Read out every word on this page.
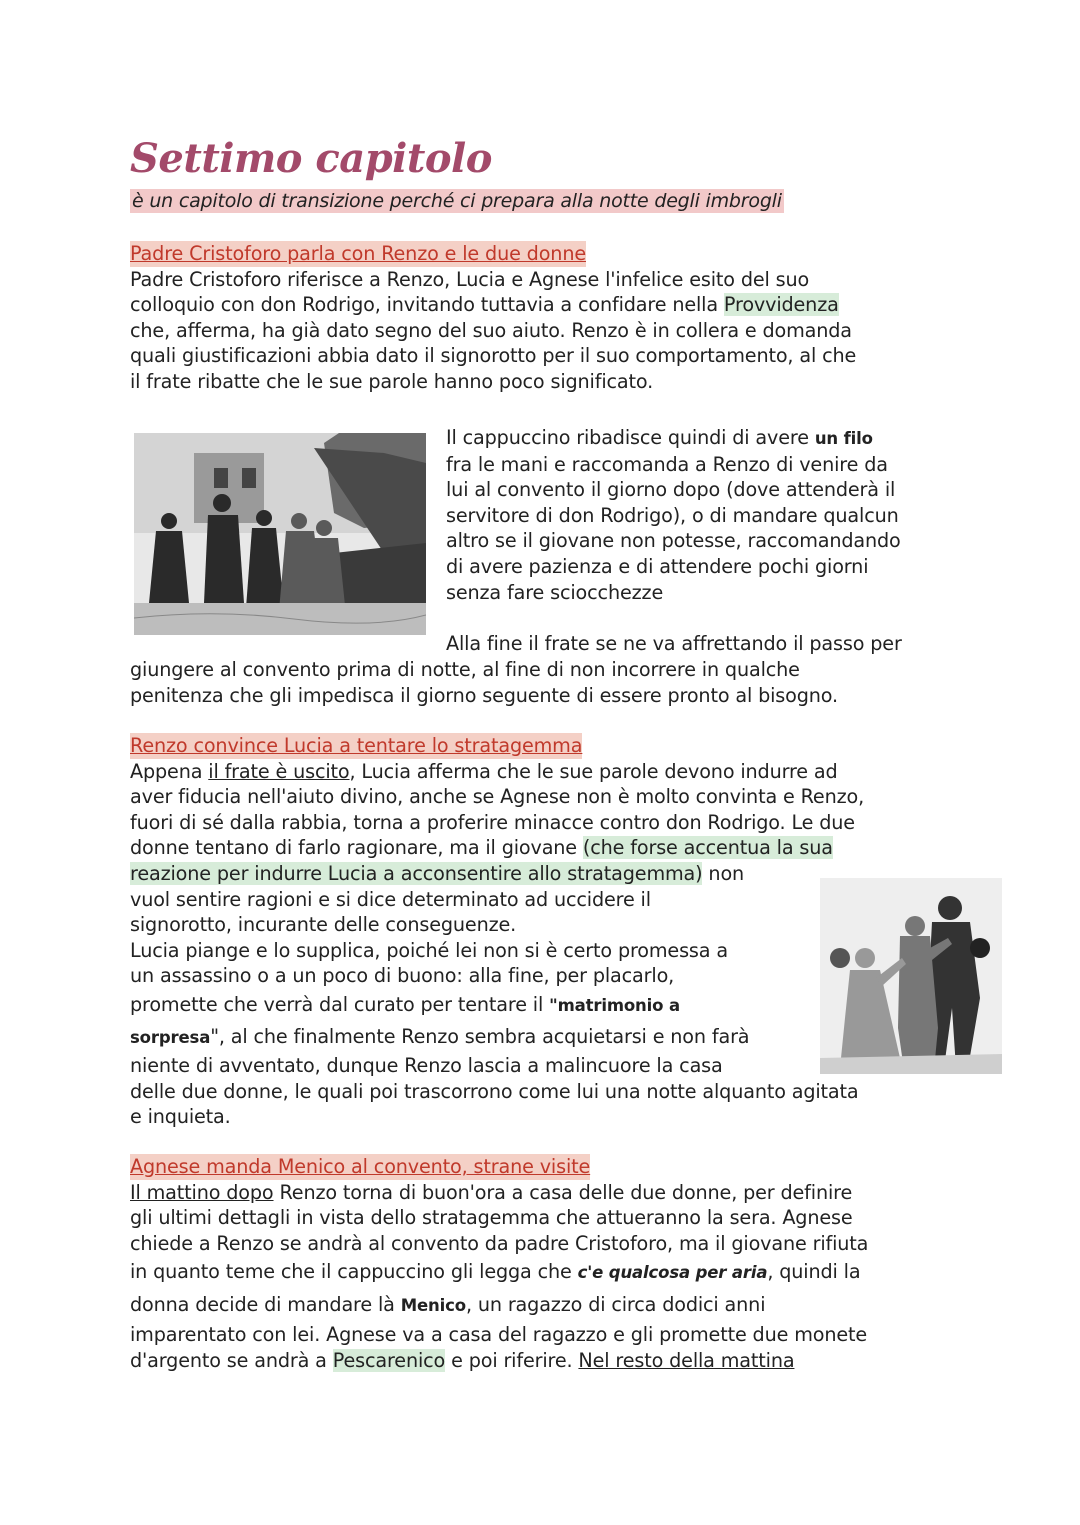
Settimo capitolo
è un capitolo di transizione perché ci prepara alla notte degli imbrogli
Padre Cristoforo parla con Renzo e le due donne
Padre Cristoforo riferisce a Renzo, Lucia e Agnese l'infelice esito del suo
colloquio con don Rodrigo, invitando tuttavia a confidare nella Provvidenza
che, afferma, ha già dato segno del suo aiuto. Renzo è in collera e domanda
quali giustificazioni abbia dato il signorotto per il suo comportamento, al che
il frate ribatte che le sue parole hanno poco significato.
Il cappuccino ribadisce quindi di avere un filo
fra le mani e raccomanda a Renzo di venire da
lui al convento il giorno dopo (dove attenderà il
servitore di don Rodrigo), o di mandare qualcun
altro se il giovane non potesse, raccomandando
di avere pazienza e di attendere pochi giorni
senza fare sciocchezze
Alla fine il frate se ne va affrettando il passo per
giungere al convento prima di notte, al fine di non incorrere in qualche
penitenza che gli impedisca il giorno seguente di essere pronto al bisogno.
Renzo convince Lucia a tentare lo stratagemma
Appena il frate è uscito, Lucia afferma che le sue parole devono indurre ad
aver fiducia nell'aiuto divino, anche se Agnese non è molto convinta e Renzo,
fuori di sé dalla rabbia, torna a proferire minacce contro don Rodrigo. Le due
donne tentano di farlo ragionare, ma il giovane (che forse accentua la sua
reazione per indurre Lucia a acconsentire allo stratagemma) non
vuol sentire ragioni e si dice determinato ad uccidere il
signorotto, incurante delle conseguenze.
Lucia piange e lo supplica, poiché lei non si è certo promessa a
un assassino o a un poco di buono: alla fine, per placarlo,
promette che verrà dal curato per tentare il "matrimonio a
sorpresa", al che finalmente Renzo sembra acquietarsi e non farà
niente di avventato, dunque Renzo lascia a malincuore la casa
delle due donne, le quali poi trascorrono come lui una notte alquanto agitata
e inquieta.
Agnese manda Menico al convento, strane visite
Il mattino dopo Renzo torna di buon'ora a casa delle due donne, per definire
gli ultimi dettagli in vista dello stratagemma che attueranno la sera. Agnese
chiede a Renzo se andrà al convento da padre Cristoforo, ma il giovane rifiuta
in quanto teme che il cappuccino gli legga che c'e qualcosa per aria, quindi la
donna decide di mandare là Menico, un ragazzo di circa dodici anni
imparentato con lei. Agnese va a casa del ragazzo e gli promette due monete
d'argento se andrà a Pescarenico e poi riferire. Nel resto della mattina
